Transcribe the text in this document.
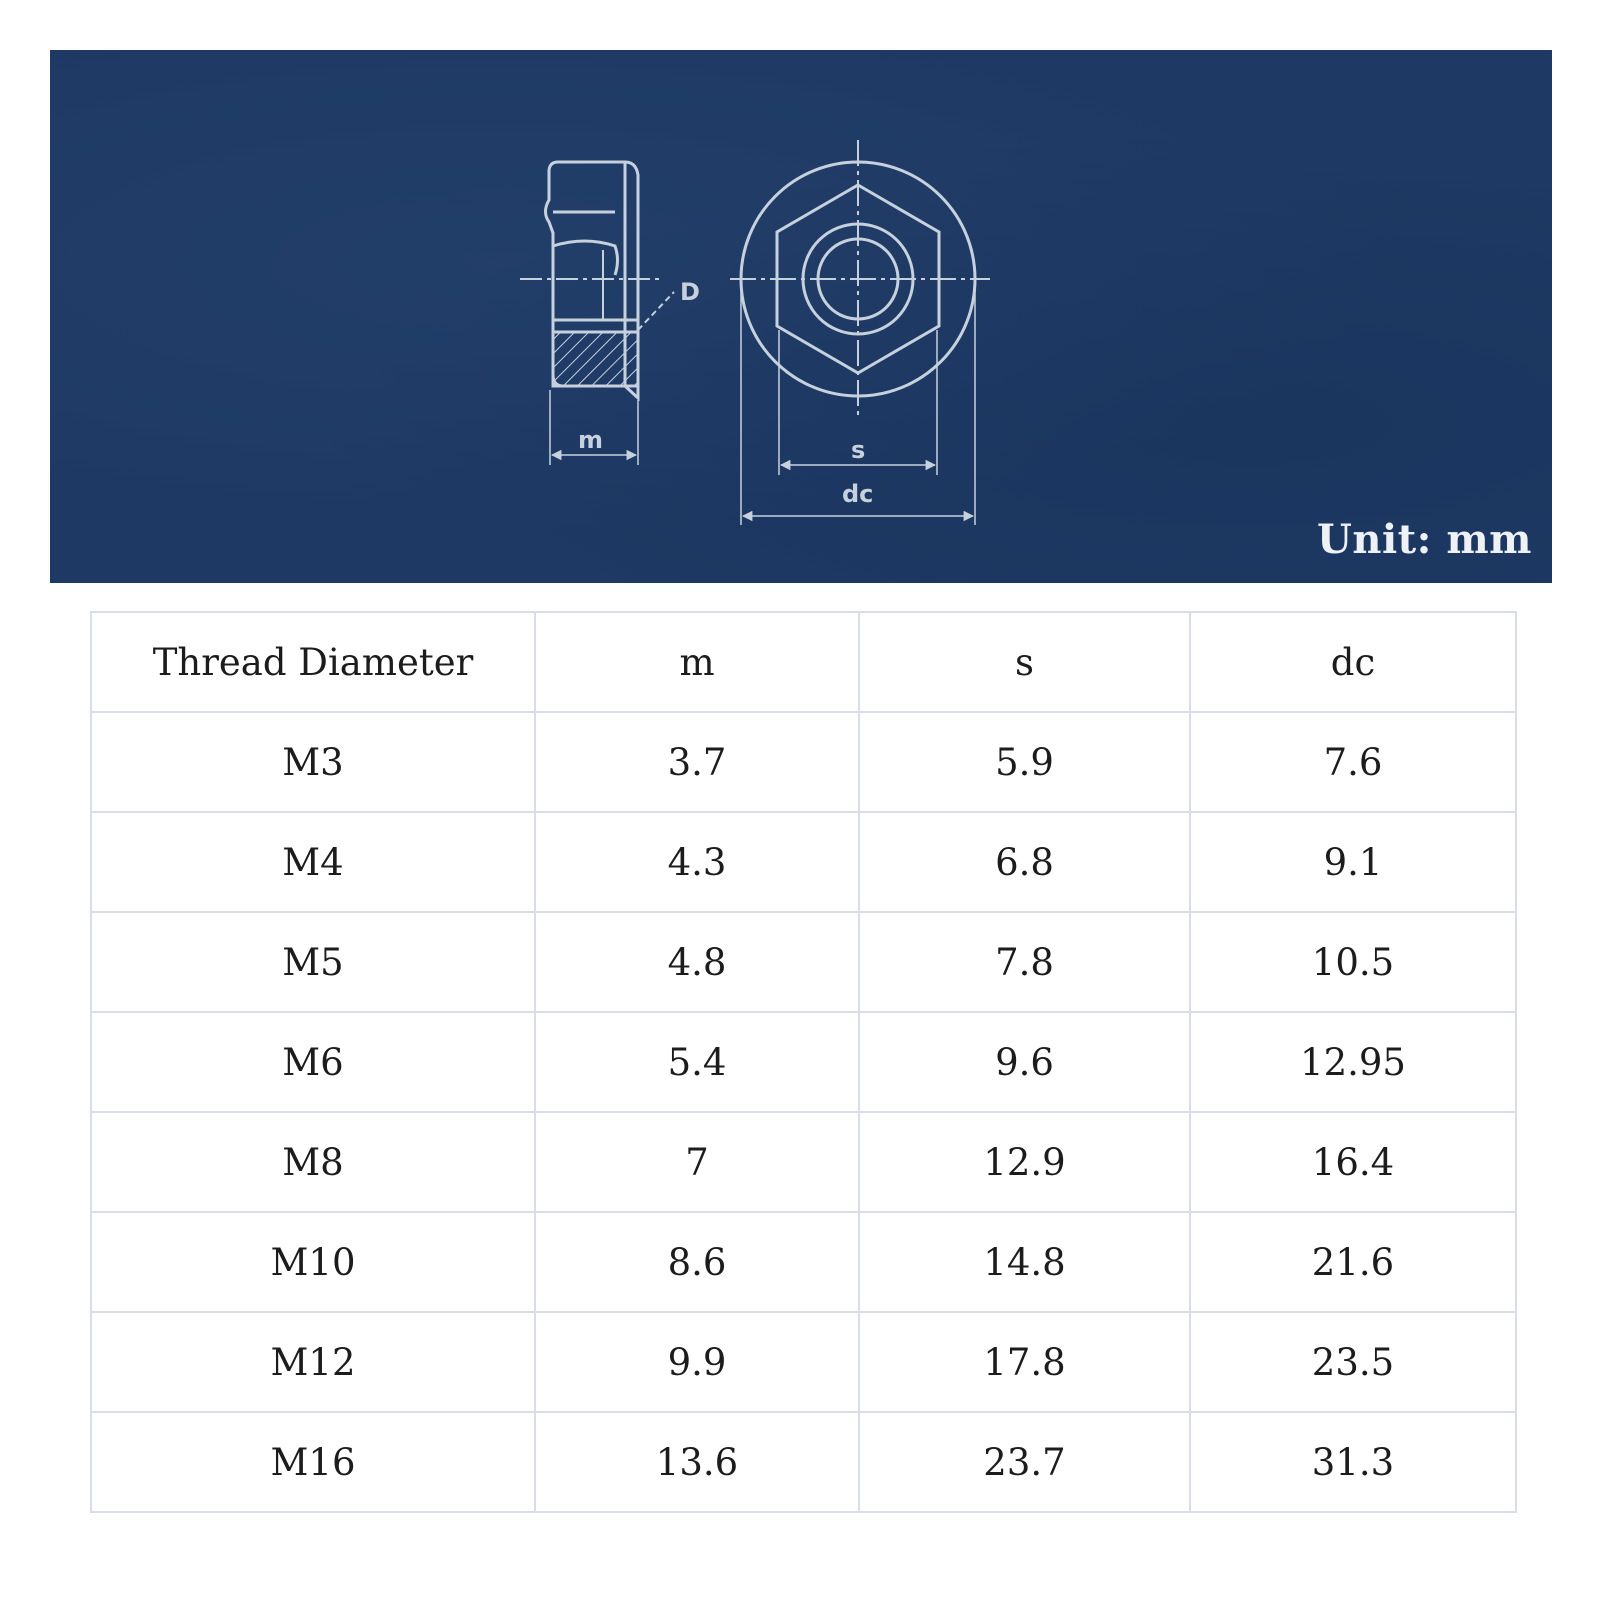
D
m	s
dc
Unit: mm
Thread Diameter	m	s	dc
M3	3.7	5.9	7.6
M4	4.3	6.8	9.1
M5	4.8	7.8	10.5
M6	5.4	9.6	12.95
M8	7	12.9	16.4
M10	8.6	14.8	21.6
M12	9.9	17.8	23.5
M16	13.6	23.7	31.3
